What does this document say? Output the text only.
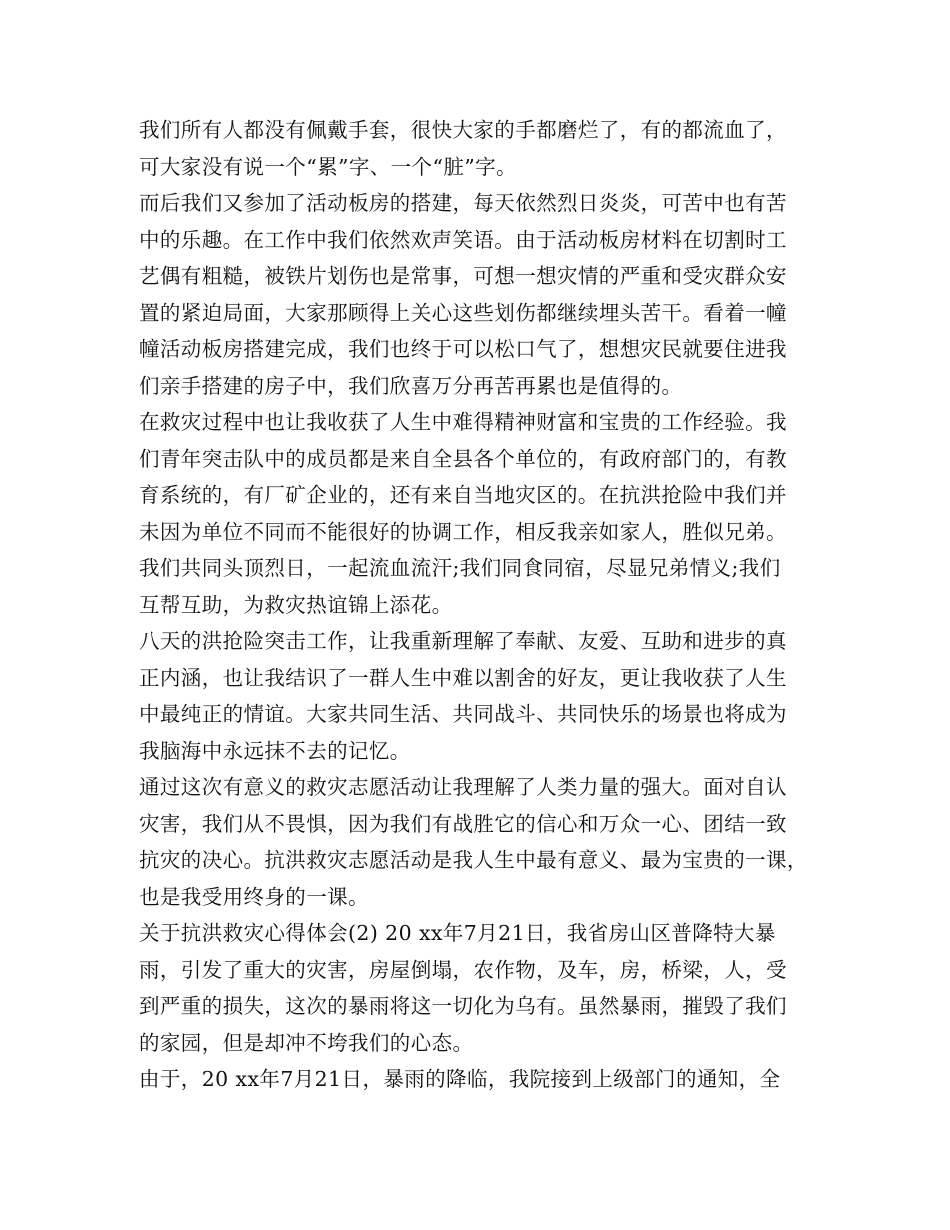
我们所有人都没有佩戴手套，很快大家的手都磨烂了，有的都流血了，
可大家没有说一个“累”字、一个“脏”字。
而后我们又参加了活动板房的搭建，每天依然烈日炎炎，可苦中也有苦
中的乐趣。在工作中我们依然欢声笑语。由于活动板房材料在切割时工
艺偶有粗糙，被铁片划伤也是常事，可想一想灾情的严重和受灾群众安
置的紧迫局面，大家那顾得上关心这些划伤都继续埋头苦干。看着一幢
幢活动板房搭建完成，我们也终于可以松口气了，想想灾民就要住进我
们亲手搭建的房子中，我们欣喜万分再苦再累也是值得的。
在救灾过程中也让我收获了人生中难得精神财富和宝贵的工作经验。我
们青年突击队中的成员都是来自全县各个单位的，有政府部门的，有教
育系统的，有厂矿企业的，还有来自当地灾区的。在抗洪抢险中我们并
未因为单位不同而不能很好的协调工作，相反我亲如家人，胜似兄弟。
我们共同头顶烈日，一起流血流汗;我们同食同宿，尽显兄弟情义;我们
互帮互助，为救灾热谊锦上添花。
八天的洪抢险突击工作，让我重新理解了奉献、友爱、互助和进步的真
正内涵，也让我结识了一群人生中难以割舍的好友，更让我收获了人生
中最纯正的情谊。大家共同生活、共同战斗、共同快乐的场景也将成为
我脑海中永远抹不去的记忆。
通过这次有意义的救灾志愿活动让我理解了人类力量的强大。面对自认
灾害，我们从不畏惧，因为我们有战胜它的信心和万众一心、团结一致
抗灾的决心。抗洪救灾志愿活动是我人生中最有意义、最为宝贵的一课，
也是我受用终身的一课。
关于抗洪救灾心得体会(2) 20 xx年7月21日，我省房山区普降特大暴
雨，引发了重大的灾害，房屋倒塌，农作物，及车，房，桥梁，人，受
到严重的损失，这次的暴雨将这一切化为乌有。虽然暴雨，摧毁了我们
的家园，但是却冲不垮我们的心态。
由于，20 xx年7月21日，暴雨的降临，我院接到上级部门的通知，全
